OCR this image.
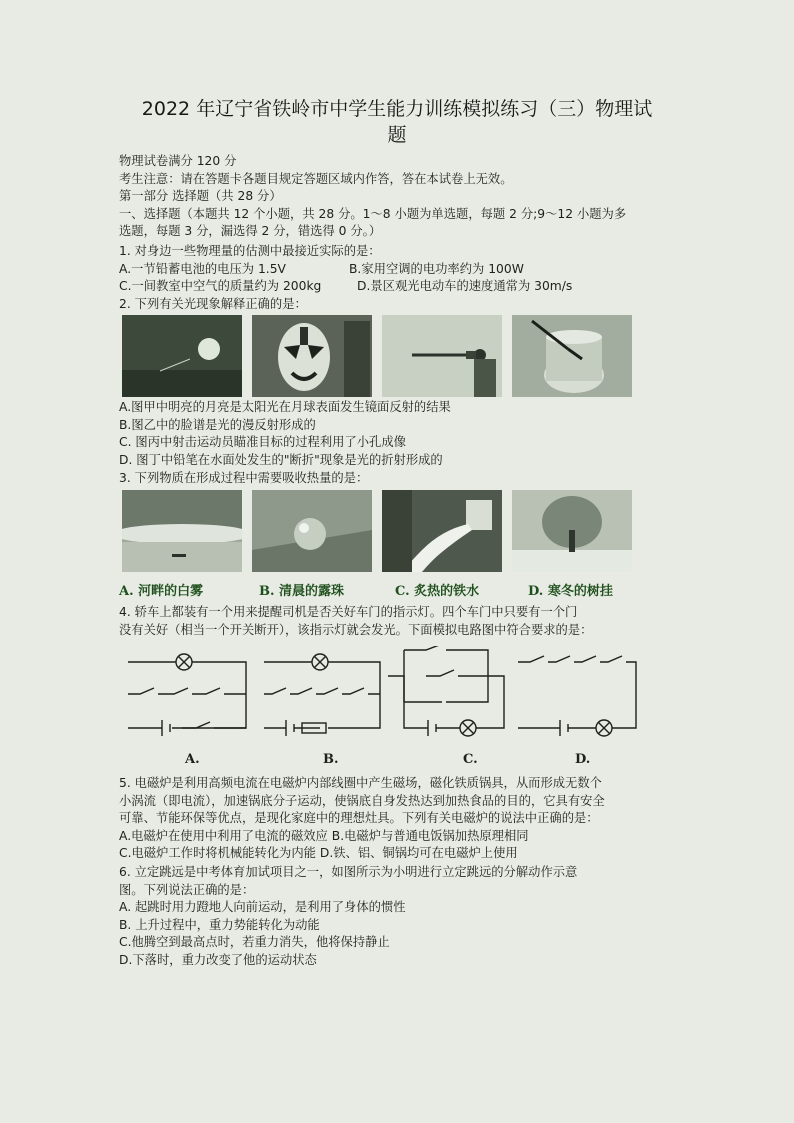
2022 年辽宁省铁岭市中学生能力训练模拟练习（三）物理试
题
物理试卷满分 120 分
考生注意：请在答题卡各题目规定答题区域内作答，答在本试卷上无效。
第一部分 选择题（共 28 分）
一、选择题（本题共 12 个小题，共 28 分。1～8 小题为单选题，每题 2 分;9～12 小题为多
选题，每题 3 分，漏选得 2 分，错选得 0 分。）
1. 对身边一些物理量的估测中最接近实际的是：
A.一节铅蓄电池的电压为 1.5V	B.家用空调的电功率约为 100W
C.一间教室中空气的质量约为 200kg	D.景区观光电动车的速度通常为 30m/s
2. 下列有关光现象解释正确的是：
A.图甲中明亮的月亮是太阳光在月球表面发生镜面反射的结果
B.图乙中的脸谱是光的漫反射形成的
C. 图丙中射击运动员瞄准目标的过程利用了小孔成像
D. 图丁中铅笔在水面处发生的"断折"现象是光的折射形成的
3. 下列物质在形成过程中需要吸收热量的是：
A. 河畔的白雾	B. 清晨的露珠	C. 炙热的铁水	D. 寒冬的树挂
4. 轿车上都装有一个用来提醒司机是否关好车门的指示灯。四个车门中只要有一个门
没有关好（相当一个开关断开），该指示灯就会发光。下面模拟电路图中符合要求的是：
A.	B.	C.	D.
5. 电磁炉是利用高频电流在电磁炉内部线圈中产生磁场，磁化铁质锅具，从而形成无数个
小涡流（即电流），加速锅底分子运动，使锅底自身发热达到加热食品的目的，它具有安全
可靠、节能环保等优点，是现化家庭中的理想灶具。下列有关电磁炉的说法中正确的是：
A.电磁炉在使用中利用了电流的磁效应 B.电磁炉与普通电饭锅加热原理相同
C.电磁炉工作时将机械能转化为内能 D.铁、铝、铜锅均可在电磁炉上使用
6. 立定跳远是中考体育加试项目之一，如图所示为小明进行立定跳远的分解动作示意
图。下列说法正确的是：
A. 起跳时用力蹬地人向前运动，是利用了身体的惯性
B. 上升过程中，重力势能转化为动能
C.他腾空到最高点时，若重力消失，他将保持静止
D.下落时，重力改变了他的运动状态
